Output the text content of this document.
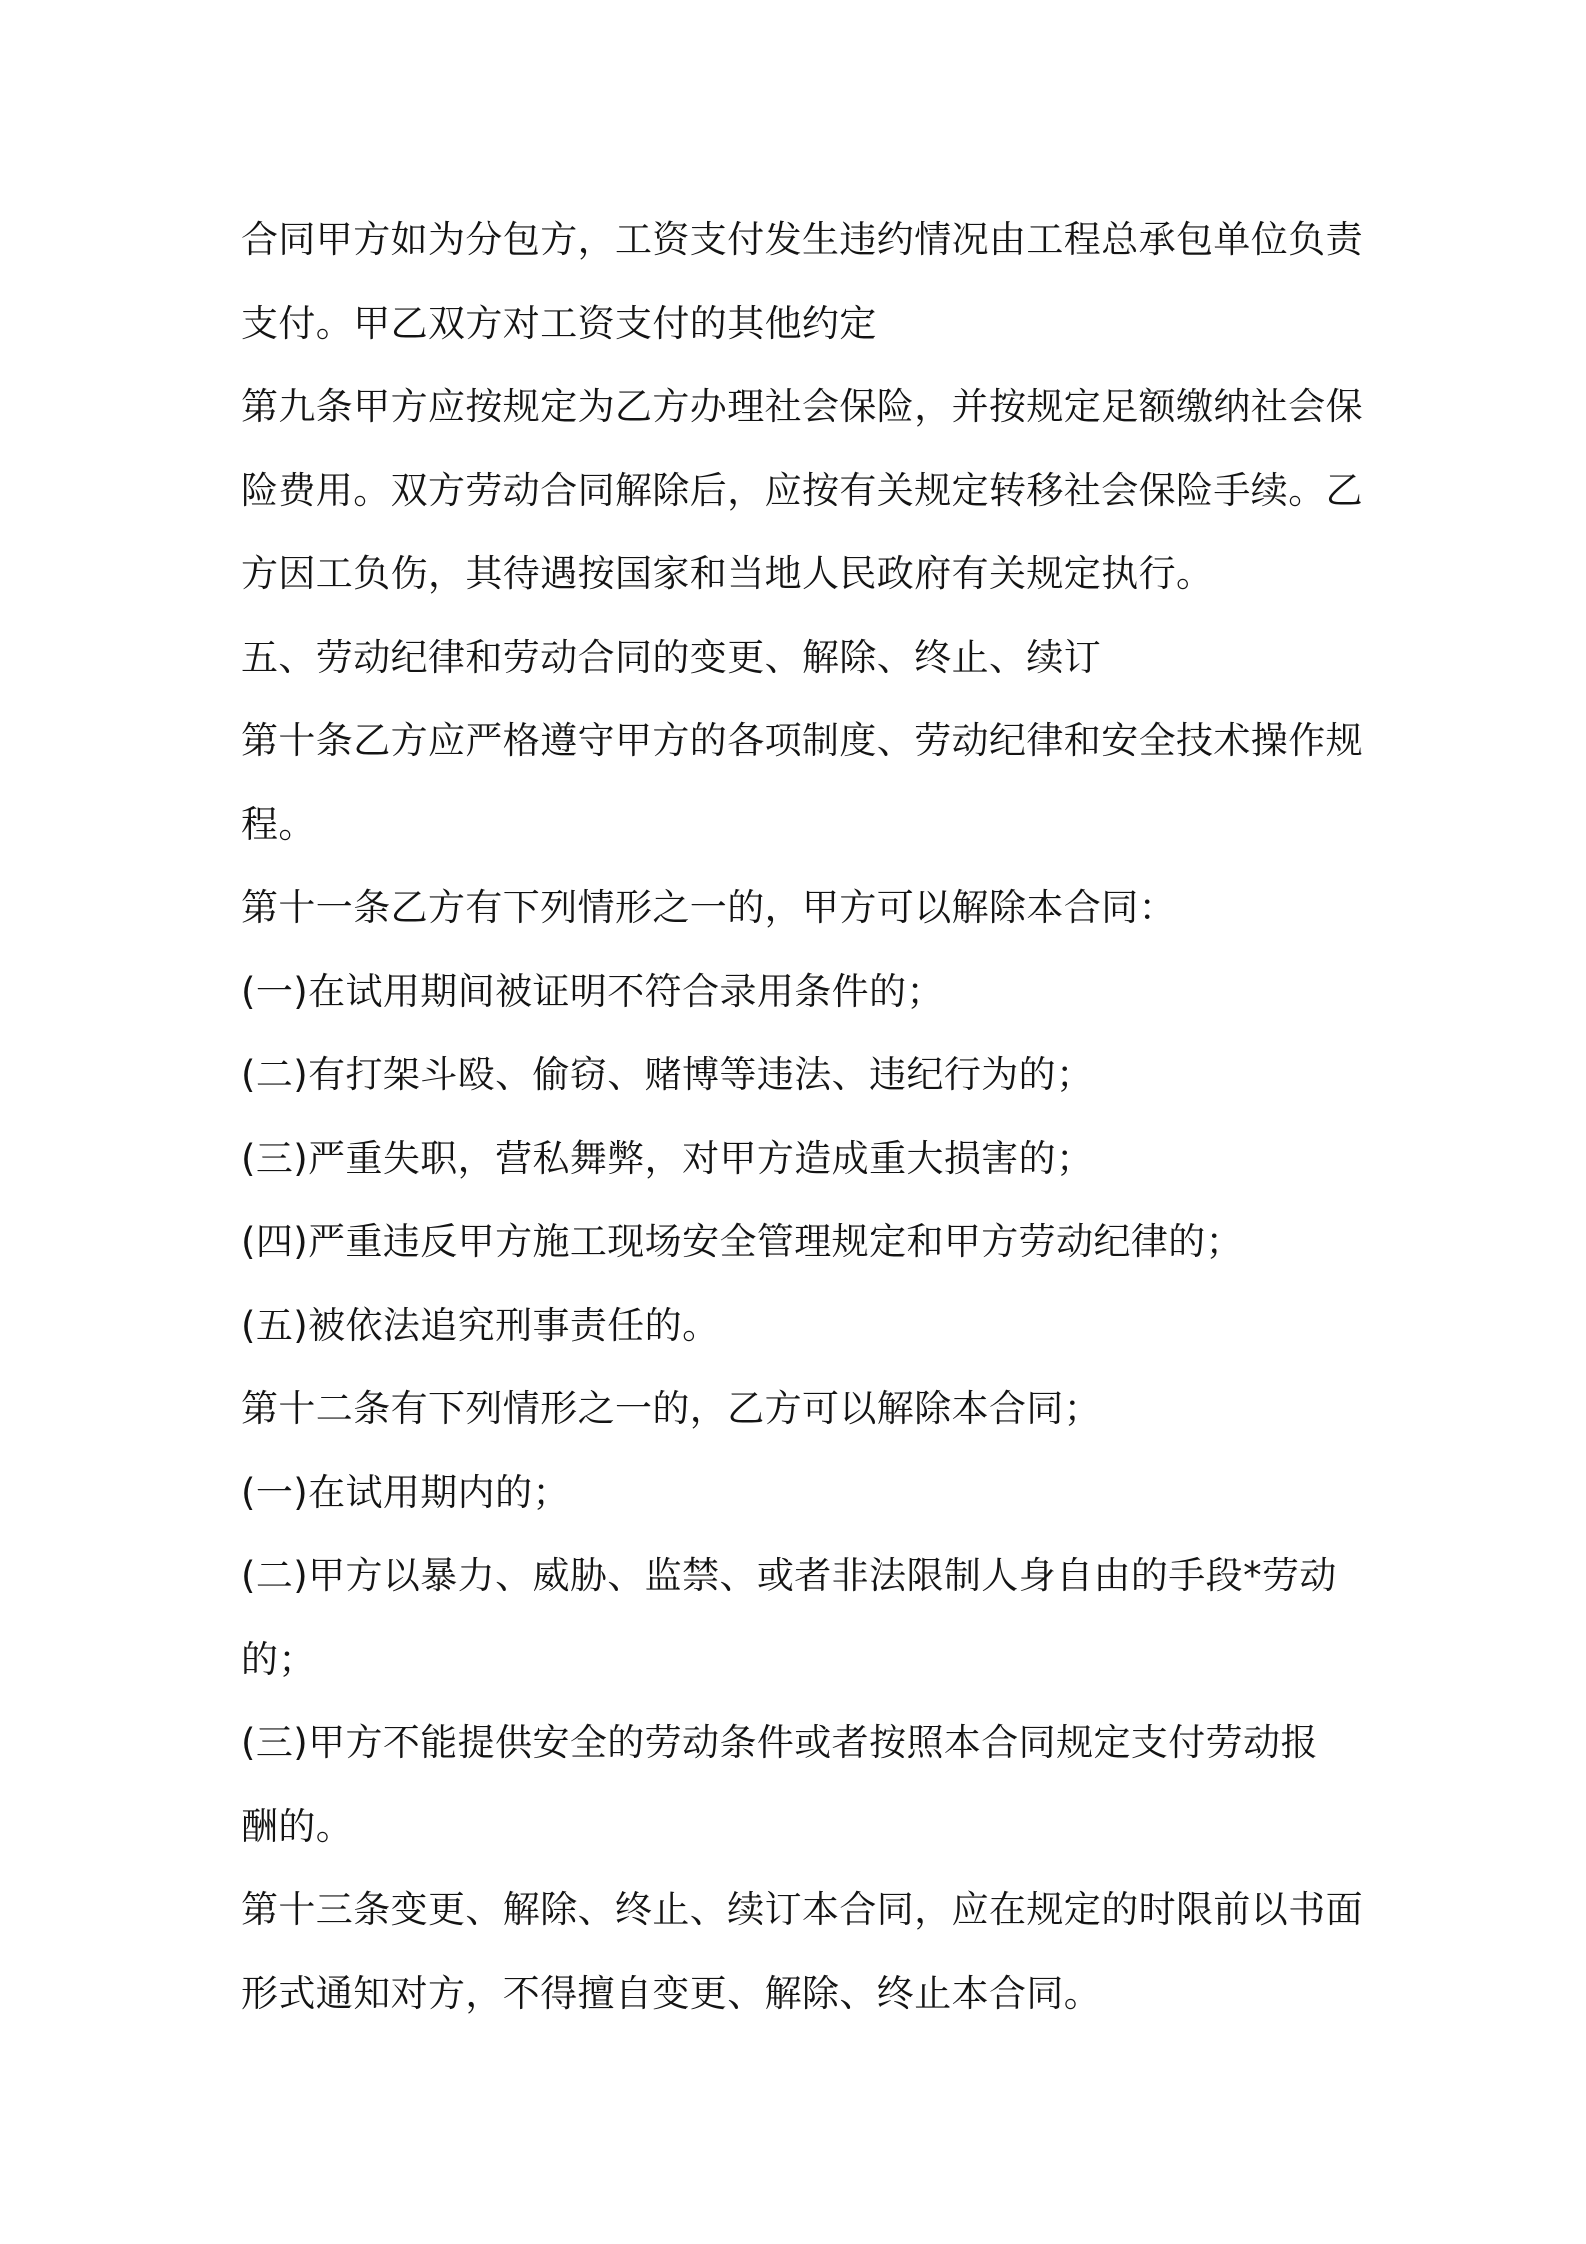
合同甲方如为分包方，工资支付发生违约情况由工程总承包单位负责
支付。甲乙双方对工资支付的其他约定
第九条甲方应按规定为乙方办理社会保险，并按规定足额缴纳社会保
险费用。双方劳动合同解除后，应按有关规定转移社会保险手续。乙
方因工负伤，其待遇按国家和当地人民政府有关规定执行。
五、劳动纪律和劳动合同的变更、解除、终止、续订
第十条乙方应严格遵守甲方的各项制度、劳动纪律和安全技术操作规
程。
第十一条乙方有下列情形之一的，甲方可以解除本合同：
(一)在试用期间被证明不符合录用条件的；
(二)有打架斗殴、偷窃、赌博等违法、违纪行为的；
(三)严重失职，营私舞弊，对甲方造成重大损害的；
(四)严重违反甲方施工现场安全管理规定和甲方劳动纪律的；
(五)被依法追究刑事责任的。
第十二条有下列情形之一的，乙方可以解除本合同；
(一)在试用期内的；
(二)甲方以暴力、威胁、监禁、或者非法限制人身自由的手段*劳动
的；
(三)甲方不能提供安全的劳动条件或者按照本合同规定支付劳动报
酬的。
第十三条变更、解除、终止、续订本合同，应在规定的时限前以书面
形式通知对方，不得擅自变更、解除、终止本合同。
